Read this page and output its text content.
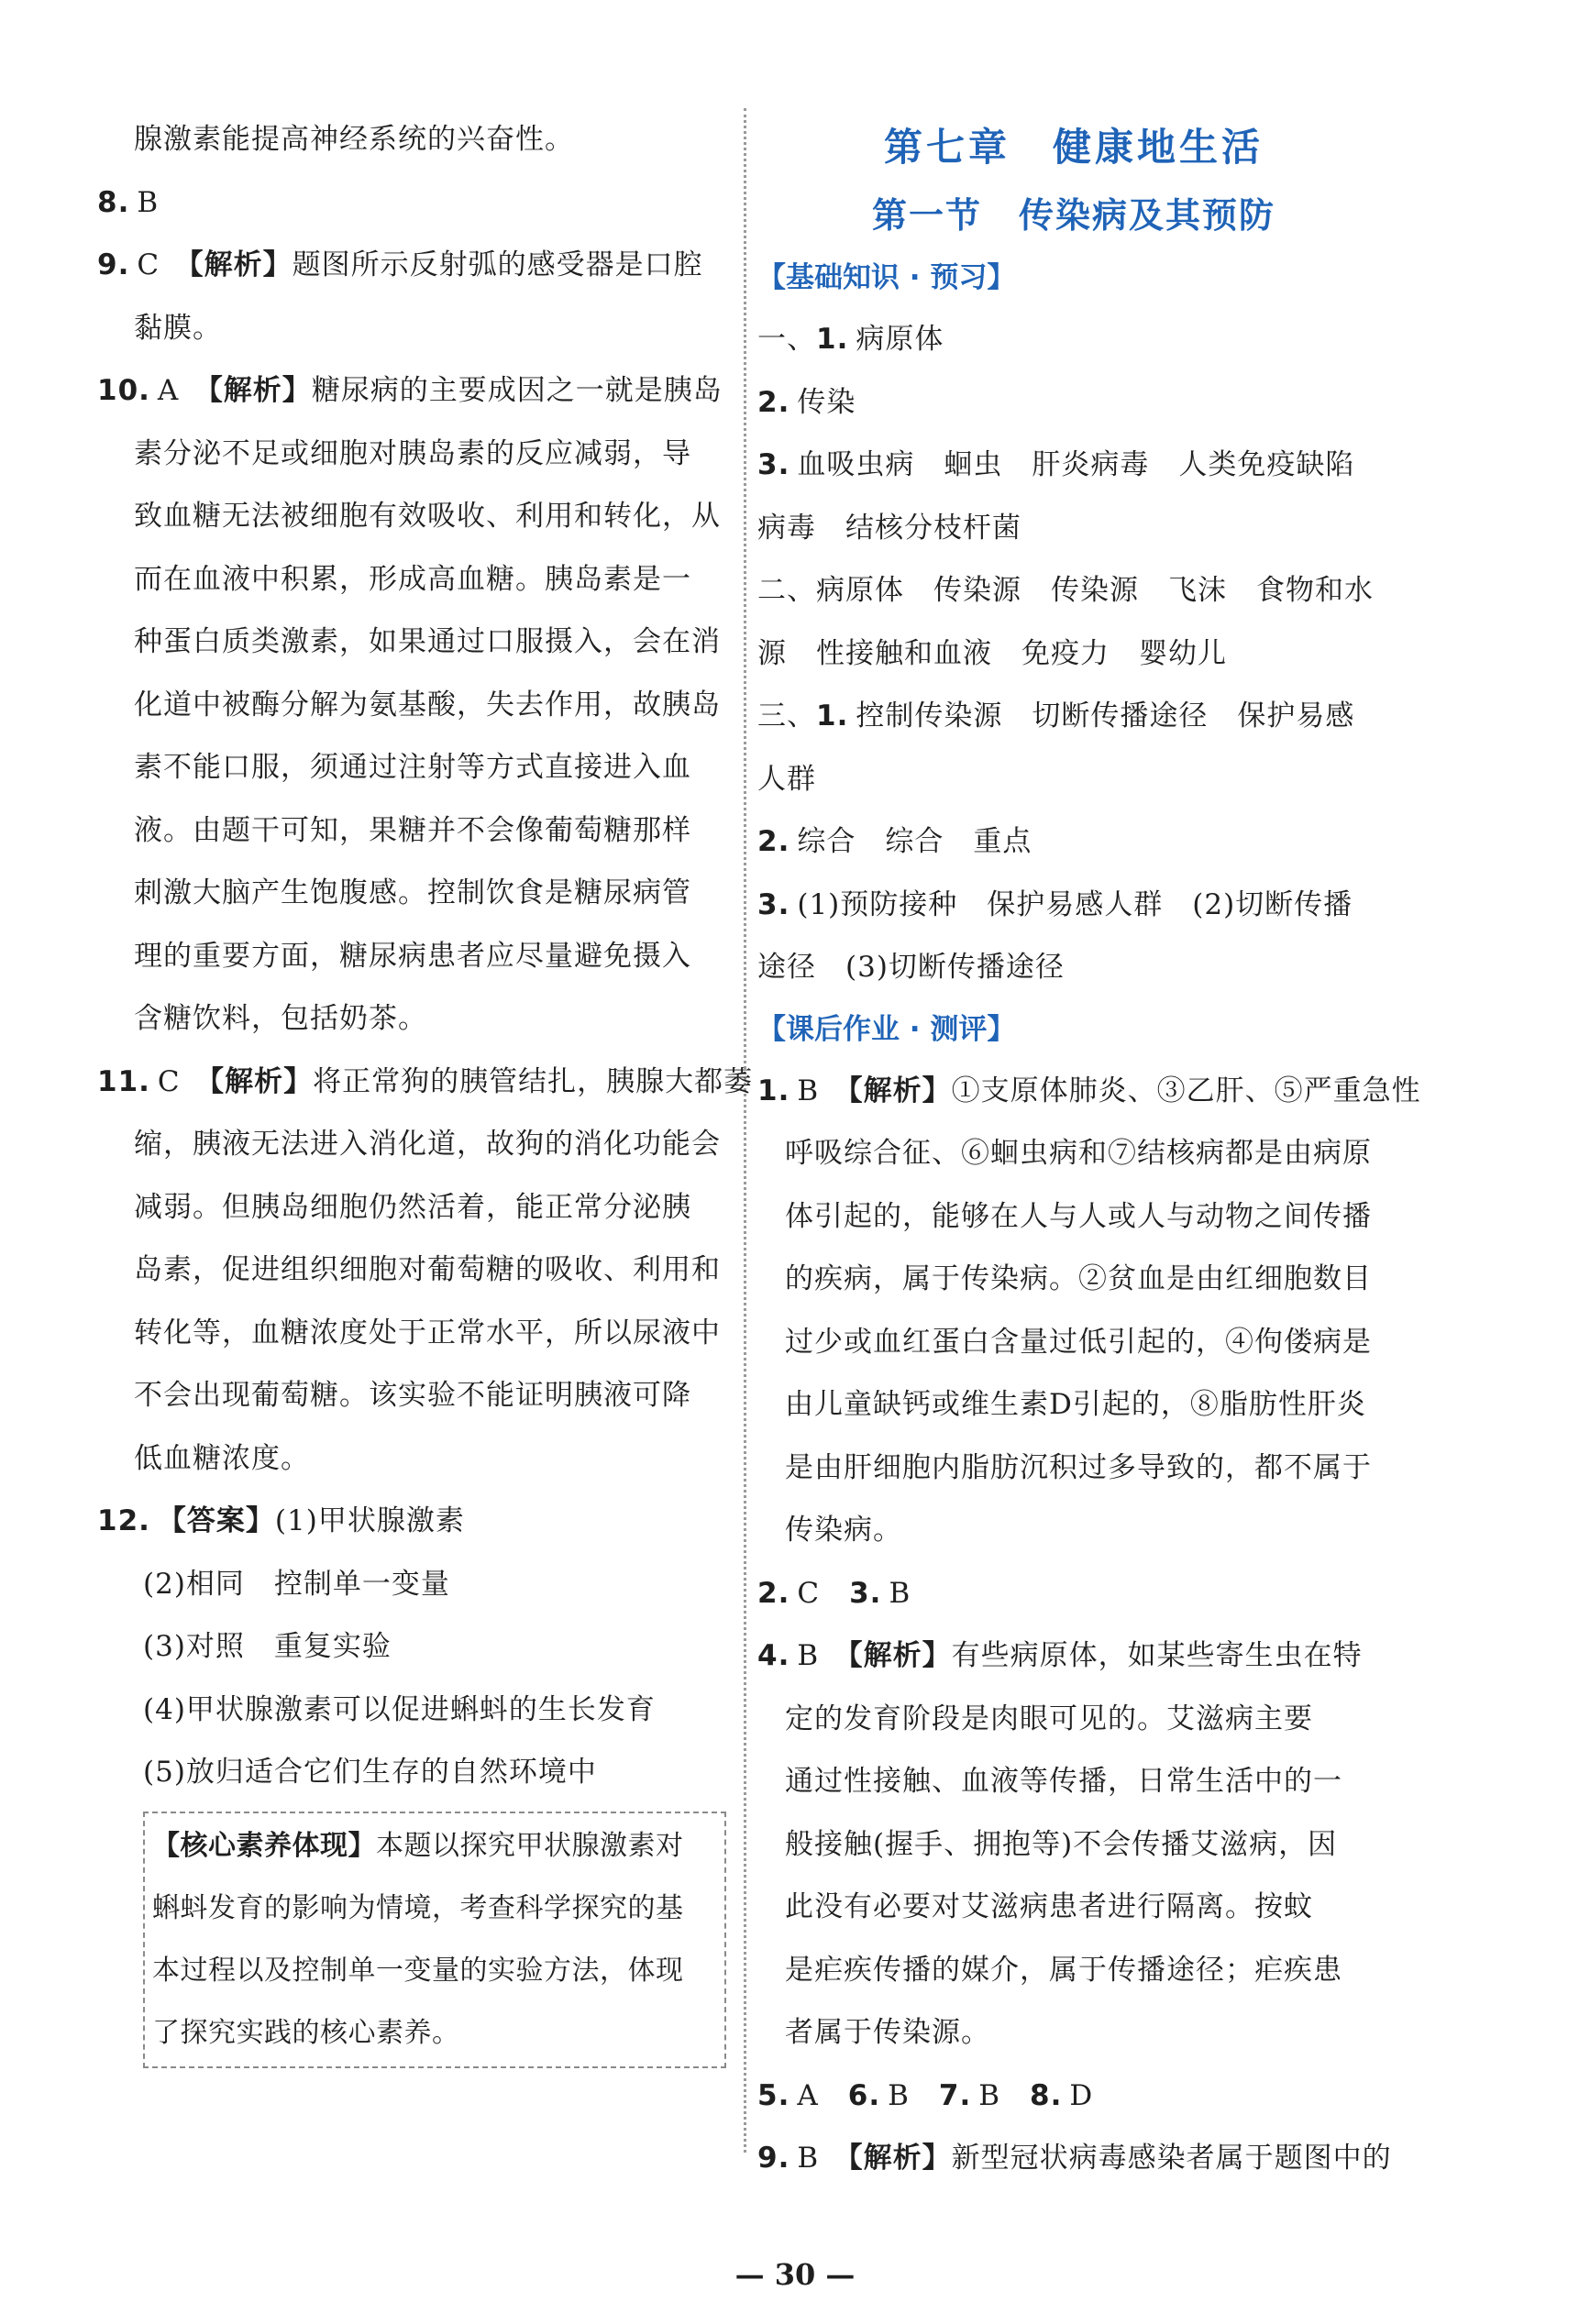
腺激素能提高神经系统的兴奋性。
8. B
9. C　 【解析】题图所示反射弧的感受器是口腔
黏膜。
10. A　 【解析】糖尿病的主要成因之一就是胰岛
素分泌不足或细胞对胰岛素的反应减弱，导
致血糖无法被细胞有效吸收、利用和转化，从
而在血液中积累，形成高血糖。胰岛素是一
种蛋白质类激素，如果通过口服摄入，会在消
化道中被酶分解为氨基酸，失去作用，故胰岛
素不能口服，须通过注射等方式直接进入血
液。由题干可知，果糖并不会像葡萄糖那样
刺激大脑产生饱腹感。控制饮食是糖尿病管
理的重要方面，糖尿病患者应尽量避免摄入
含糖饮料，包括奶茶。
11. C　 【解析】将正常狗的胰管结扎，胰腺大都萎
缩，胰液无法进入消化道，故狗的消化功能会
减弱。但胰岛细胞仍然活着，能正常分泌胰
岛素，促进组织细胞对葡萄糖的吸收、利用和
转化等，血糖浓度处于正常水平，所以尿液中
不会出现葡萄糖。该实验不能证明胰液可降
低血糖浓度。
12. 【答案】(1)甲状腺激素
(2)相同　控制单一变量
(3)对照　重复实验
(4)甲状腺激素可以促进蝌蚪的生长发育
(5)放归适合它们生存的自然环境中
【核心素养体现】本题以探究甲状腺激素对
蝌蚪发育的影响为情境，考查科学探究的基
本过程以及控制单一变量的实验方法，体现
了探究实践的核心素养。
第七章　健康地生活
第一节　传染病及其预防
【基础知识 · 预习】
一、1. 病原体
2. 传染
3. 血吸虫病　蛔虫　肝炎病毒　人类免疫缺陷
病毒　结核分枝杆菌
二、病原体　传染源　传染源　飞沫　食物和水
源　性接触和血液　免疫力　婴幼儿
三、1. 控制传染源　切断传播途径　保护易感
人群
2. 综合　综合　重点
3. (1)预防接种　保护易感人群　(2)切断传播
途径　(3)切断传播途径
【课后作业 · 测评】
1. B　 【解析】①支原体肺炎、③乙肝、⑤严重急性
呼吸综合征、⑥蛔虫病和⑦结核病都是由病原
体引起的，能够在人与人或人与动物之间传播
的疾病，属于传染病。②贫血是由红细胞数目
过少或血红蛋白含量过低引起的，④佝偻病是
由儿童缺钙或维生素D引起的，⑧脂肪性肝炎
是由肝细胞内脂肪沉积过多导致的，都不属于
传染病。
2. C　 3. B
4. B　 【解析】有些病原体，如某些寄生虫在特
定的发育阶段是肉眼可见的。艾滋病主要
通过性接触、血液等传播，日常生活中的一
般接触(握手、拥抱等)不会传播艾滋病，因
此没有必要对艾滋病患者进行隔离。按蚊
是疟疾传播的媒介，属于传播途径；疟疾患
者属于传染源。
5. A　 6. B　 7. B　 8. D
9. B　 【解析】新型冠状病毒感染者属于题图中的
— 30 —
